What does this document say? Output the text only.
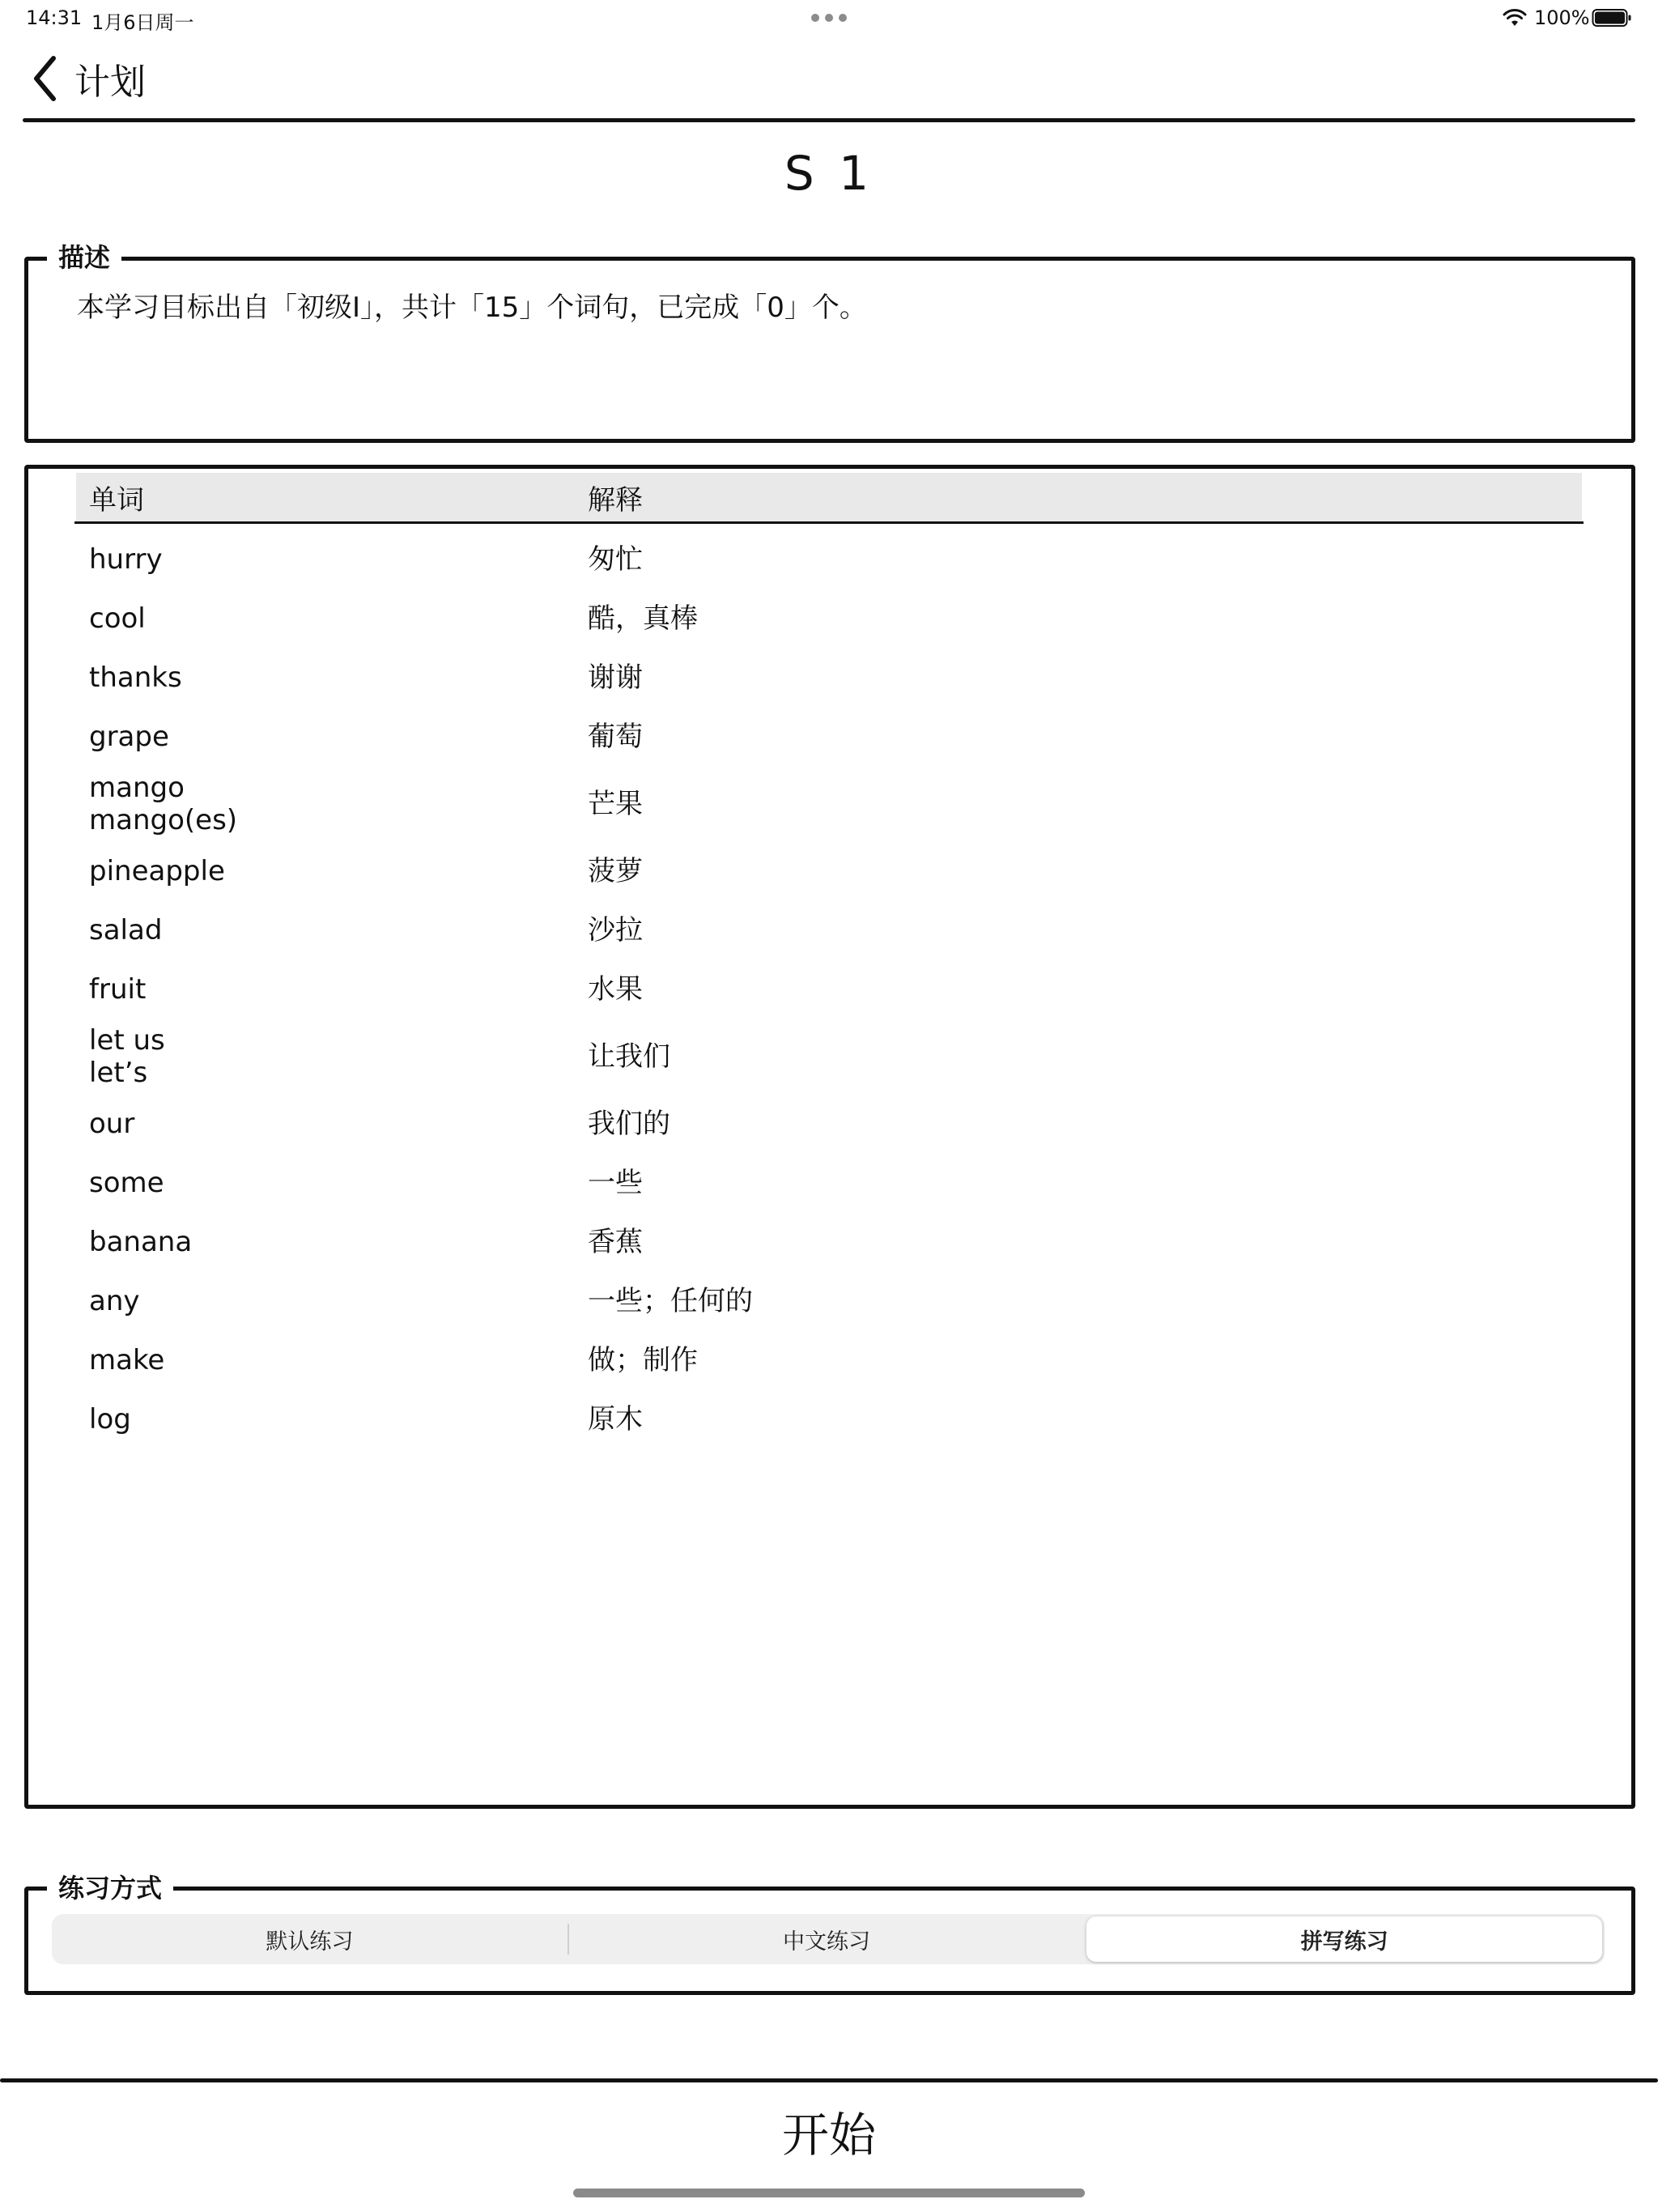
14:31 1月6日周一	100%
计划
S 1
描述
本学习目标出自「初级I」，共计「15」个词句，已完成「0」个。
单词	解释
hurry	匆忙
cool	酷，真棒
thanks	谢谢
grape	葡萄
mango
mango(es)	芒果
pineapple	菠萝
salad	沙拉
fruit	水果
let us
let’s	让我们
our	我们的
some	一些
banana	香蕉
any	一些；任何的
make	做；制作
log	原木
练习方式
默认练习	中文练习	拼写练习
开始
